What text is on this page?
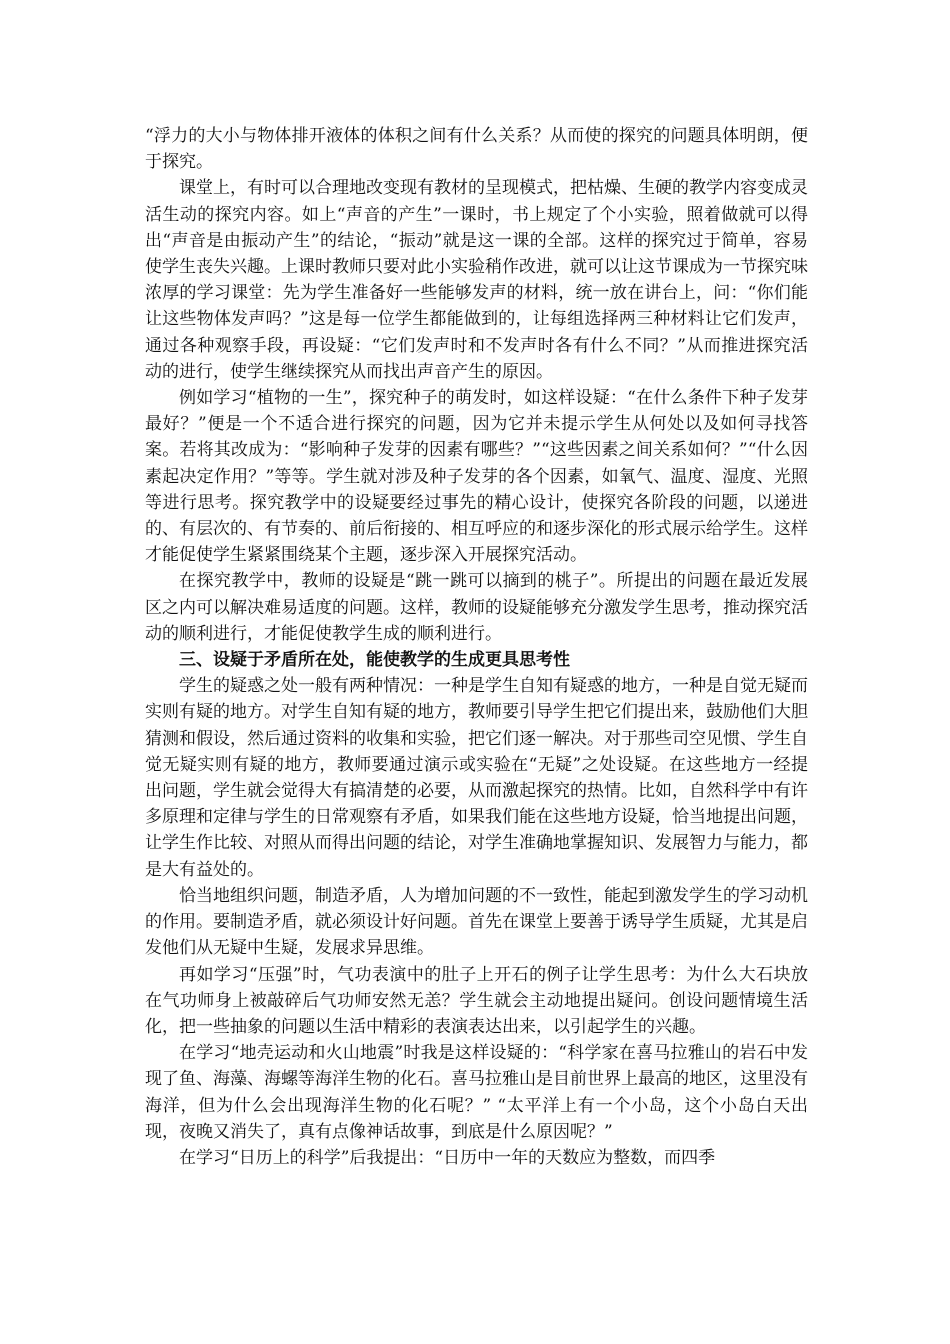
“浮力的大小与物体排开液体的体积之间有什么关系？从而使的探究的问题具体明朗，便于探究。

课堂上，有时可以合理地改变现有教材的呈现模式，把枯燥、生硬的教学内容变成灵活生动的探究内容。如上“声音的产生”一课时，书上规定了个小实验，照着做就可以得出“声音是由振动产生”的结论，“振动”就是这一课的全部。这样的探究过于简单，容易使学生丧失兴趣。上课时教师只要对此小实验稍作改进，就可以让这节课成为一节探究味浓厚的学习课堂：先为学生准备好一些能够发声的材料，统一放在讲台上，问：“你们能让这些物体发声吗？”这是每一位学生都能做到的，让每组选择两三种材料让它们发声，通过各种观察手段，再设疑：“它们发声时和不发声时各有什么不同？”从而推进探究活动的进行，使学生继续探究从而找出声音产生的原因。

例如学习“植物的一生”，探究种子的萌发时，如这样设疑：“在什么条件下种子发芽最好？”便是一个不适合进行探究的问题，因为它并未提示学生从何处以及如何寻找答案。若将其改成为：“影响种子发芽的因素有哪些？”“这些因素之间关系如何？”“什么因素起决定作用？”等等。学生就对涉及种子发芽的各个因素，如氧气、温度、湿度、光照等进行思考。探究教学中的设疑要经过事先的精心设计，使探究各阶段的问题，以递进的、有层次的、有节奏的、前后衔接的、相互呼应的和逐步深化的形式展示给学生。这样才能促使学生紧紧围绕某个主题，逐步深入开展探究活动。

在探究教学中，教师的设疑是“跳一跳可以摘到的桃子”。所提出的问题在最近发展区之内可以解决难易适度的问题。这样，教师的设疑能够充分激发学生思考，推动探究活动的顺利进行，才能促使教学生成的顺利进行。

三、设疑于矛盾所在处，能使教学的生成更具思考性

学生的疑惑之处一般有两种情况：一种是学生自知有疑惑的地方，一种是自觉无疑而实则有疑的地方。对学生自知有疑的地方，教师要引导学生把它们提出来，鼓励他们大胆猜测和假设，然后通过资料的收集和实验，把它们逐一解决。对于那些司空见惯、学生自觉无疑实则有疑的地方，教师要通过演示或实验在“无疑”之处设疑。在这些地方一经提出问题，学生就会觉得大有搞清楚的必要，从而激起探究的热情。比如，自然科学中有许多原理和定律与学生的日常观察有矛盾，如果我们能在这些地方设疑，恰当地提出问题，让学生作比较、对照从而得出问题的结论，对学生准确地掌握知识、发展智力与能力，都是大有益处的。

恰当地组织问题，制造矛盾，人为增加问题的不一致性，能起到激发学生的学习动机的作用。要制造矛盾，就必须设计好问题。首先在课堂上要善于诱导学生质疑，尤其是启发他们从无疑中生疑，发展求异思维。

再如学习“压强”时，气功表演中的肚子上开石的例子让学生思考：为什么大石块放在气功师身上被敲碎后气功师安然无恙？学生就会主动地提出疑问。创设问题情境生活化，把一些抽象的问题以生活中精彩的表演表达出来，以引起学生的兴趣。

在学习“地壳运动和火山地震”时我是这样设疑的：“科学家在喜马拉雅山的岩石中发现了鱼、海藻、海螺等海洋生物的化石。喜马拉雅山是目前世界上最高的地区，这里没有海洋，但为什么会出现海洋生物的化石呢？” “太平洋上有一个小岛，这个小岛白天出现，夜晚又消失了，真有点像神话故事，到底是什么原因呢？”

在学习“日历上的科学”后我提出：“日历中一年的天数应为整数，而四季
